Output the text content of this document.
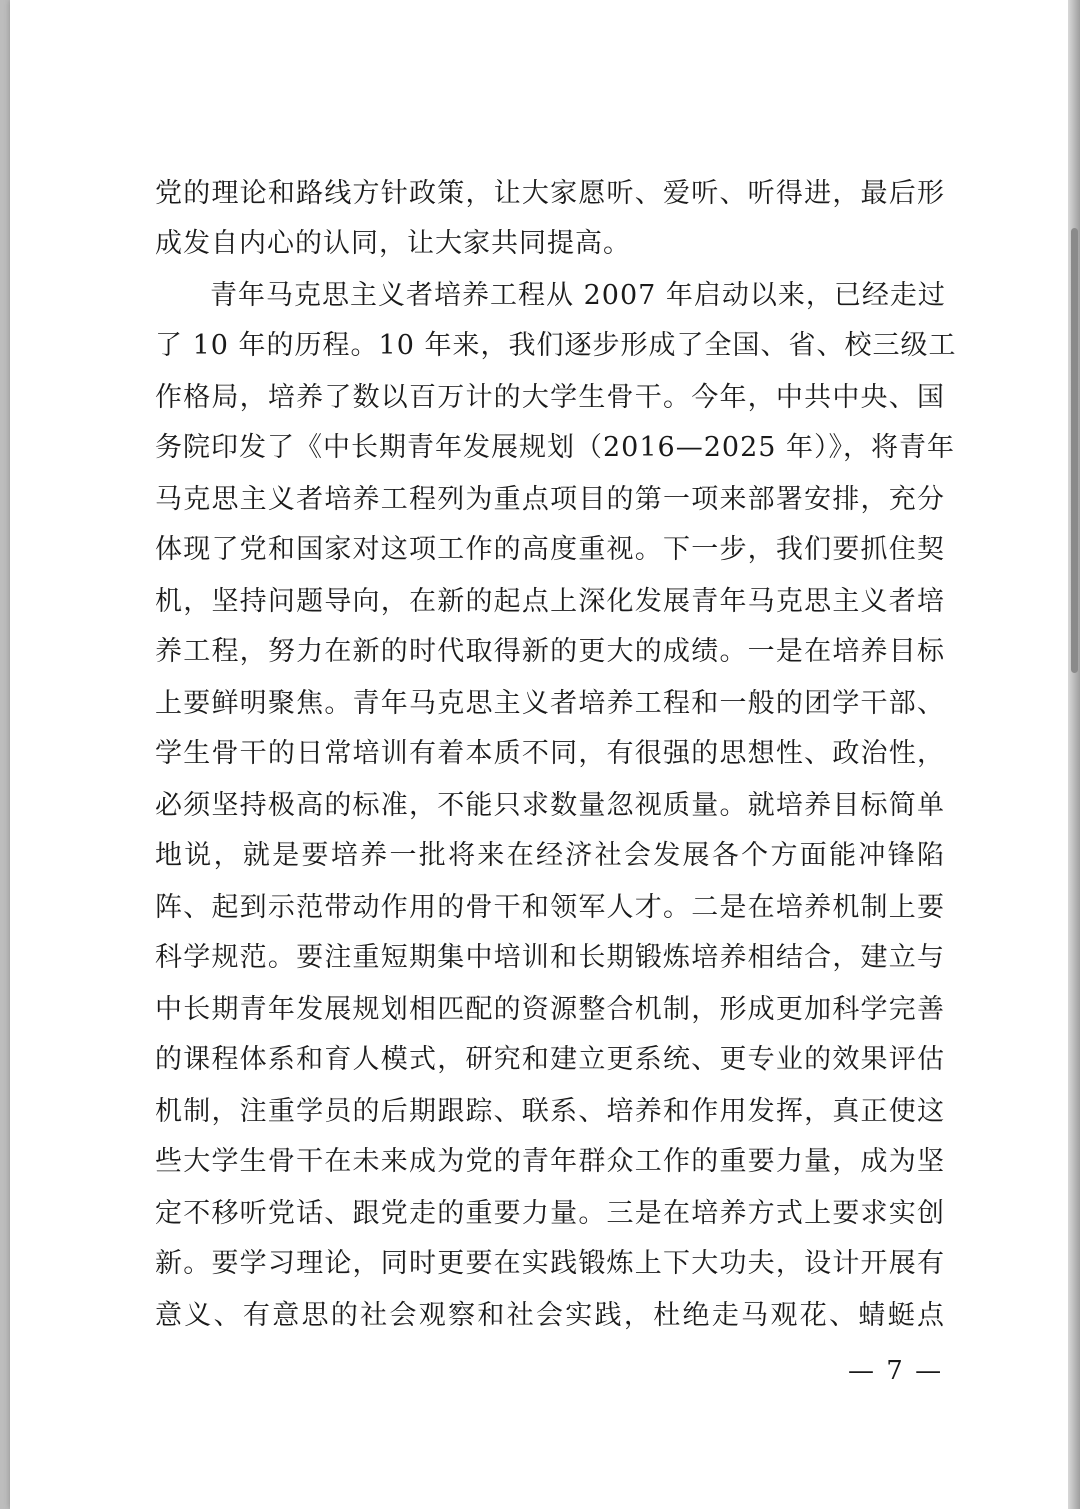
党的理论和路线方针政策，让大家愿听、爱听、听得进，最后形
成发自内心的认同，让大家共同提高。
青年马克思主义者培养工程从 2007 年启动以来，已经走过
了 10 年的历程。10 年来，我们逐步形成了全国、省、校三级工
作格局，培养了数以百万计的大学生骨干。今年，中共中央、国
务院印发了《中长期青年发展规划（2016—2025 年）》，将青年
马克思主义者培养工程列为重点项目的第一项来部署安排，充分
体现了党和国家对这项工作的高度重视。下一步，我们要抓住契
机，坚持问题导向，在新的起点上深化发展青年马克思主义者培
养工程，努力在新的时代取得新的更大的成绩。一是在培养目标
上要鲜明聚焦。青年马克思主义者培养工程和一般的团学干部、
学生骨干的日常培训有着本质不同，有很强的思想性、政治性，
必须坚持极高的标准，不能只求数量忽视质量。就培养目标简单
地说，就是要培养一批将来在经济社会发展各个方面能冲锋陷
阵、起到示范带动作用的骨干和领军人才。二是在培养机制上要
科学规范。要注重短期集中培训和长期锻炼培养相结合，建立与
中长期青年发展规划相匹配的资源整合机制，形成更加科学完善
的课程体系和育人模式，研究和建立更系统、更专业的效果评估
机制，注重学员的后期跟踪、联系、培养和作用发挥，真正使这
些大学生骨干在未来成为党的青年群众工作的重要力量，成为坚
定不移听党话、跟党走的重要力量。三是在培养方式上要求实创
新。要学习理论，同时更要在实践锻炼上下大功夫，设计开展有
意义、有意思的社会观察和社会实践，杜绝走马观花、蜻蜓点
— 7 —
